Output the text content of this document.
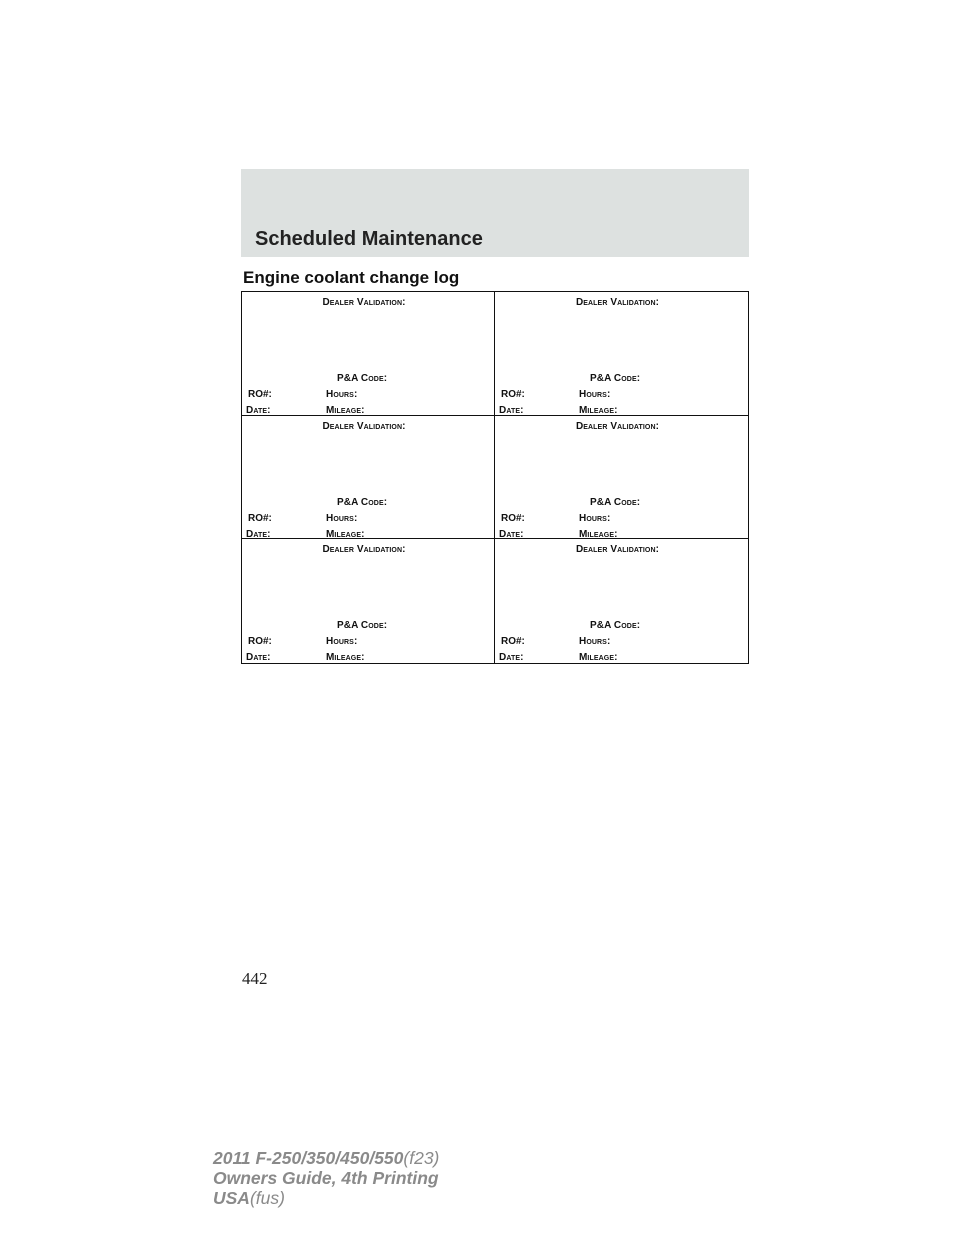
Scheduled Maintenance
Engine coolant change log
Dealer Validation:
P&A Code:
RO#:	Hours:
Date:	Mileage:
Dealer Validation:
P&A Code:
RO#:	Hours:
Date:	Mileage:
Dealer Validation:
P&A Code:
RO#:	Hours:
Date:	Mileage:
Dealer Validation:
P&A Code:
RO#:	Hours:
Date:	Mileage:
Dealer Validation:
P&A Code:
RO#:	Hours:
Date:	Mileage:
Dealer Validation:
P&A Code:
RO#:	Hours:
Date:	Mileage:
442
2011 F-250/350/450/550(f23)
Owners Guide, 4th Printing
USA(fus)
